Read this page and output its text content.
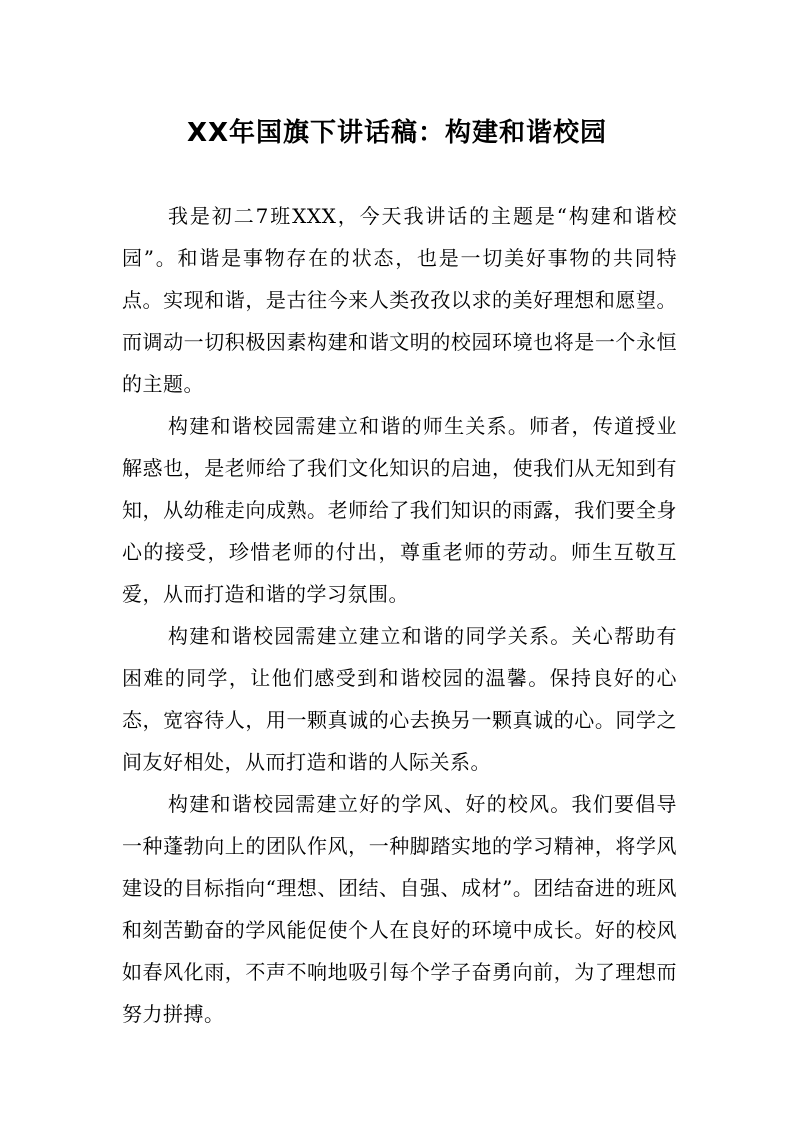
XX年国旗下讲话稿：构建和谐校园

我是初二7班XXX，今天我讲话的主题是“构建和谐校园”。和谐是事物存在的状态，也是一切美好事物的共同特点。实现和谐，是古往今来人类孜孜以求的美好理想和愿望。而调动一切积极因素构建和谐文明的校园环境也将是一个永恒的主题。

构建和谐校园需建立和谐的师生关系。师者，传道授业解惑也，是老师给了我们文化知识的启迪，使我们从无知到有知，从幼稚走向成熟。老师给了我们知识的雨露，我们要全身心的接受，珍惜老师的付出，尊重老师的劳动。师生互敬互爱，从而打造和谐的学习氛围。

构建和谐校园需建立建立和谐的同学关系。关心帮助有困难的同学，让他们感受到和谐校园的温馨。保持良好的心态，宽容待人，用一颗真诚的心去换另一颗真诚的心。同学之间友好相处，从而打造和谐的人际关系。

构建和谐校园需建立好的学风、好的校风。我们要倡导一种蓬勃向上的团队作风，一种脚踏实地的学习精神，将学风建设的目标指向“理想、团结、自强、成材”。团结奋进的班风和刻苦勤奋的学风能促使个人在良好的环境中成长。好的校风如春风化雨，不声不响地吸引每个学子奋勇向前，为了理想而努力拼搏。
